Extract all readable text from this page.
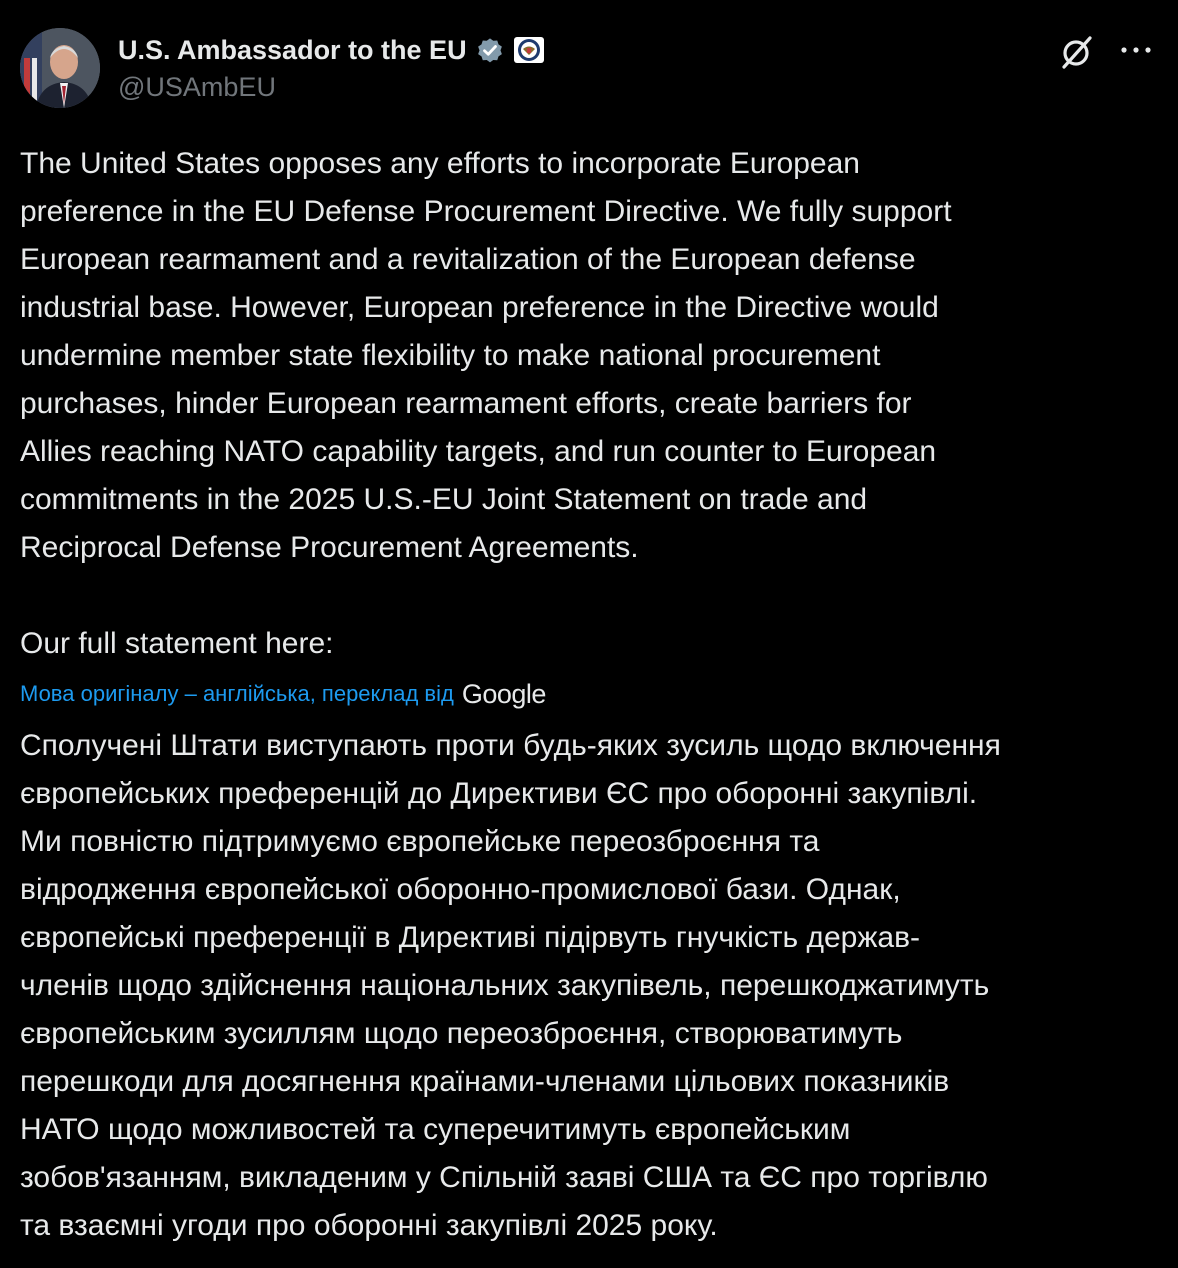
U.S. Ambassador to the EU
@USAmbEU
The United States opposes any efforts to incorporate European
preference in the EU Defense Procurement Directive. We fully support
European rearmament and a revitalization of the European defense
industrial base. However, European preference in the Directive would
undermine member state flexibility to make national procurement
purchases, hinder European rearmament efforts, create barriers for
Allies reaching NATO capability targets, and run counter to European
commitments in the 2025 U.S.-EU Joint Statement on trade and
Reciprocal Defense Procurement Agreements.

Our full statement here:
Мова оригіналу – англійська, переклад від Google
Сполучені Штати виступають проти будь-яких зусиль щодо включення
європейських преференцій до Директиви ЄС про оборонні закупівлі.
Ми повністю підтримуємо європейське переозброєння та
відродження європейської оборонно-промислової бази. Однак,
європейські преференції в Директиві підірвуть гнучкість держав-
членів щодо здійснення національних закупівель, перешкоджатимуть
європейським зусиллям щодо переозброєння, створюватимуть
перешкоди для досягнення країнами-членами цільових показників
НАТО щодо можливостей та суперечитимуть європейським
зобов'язанням, викладеним у Спільній заяві США та ЄС про торгівлю
та взаємні угоди про оборонні закупівлі 2025 року.
